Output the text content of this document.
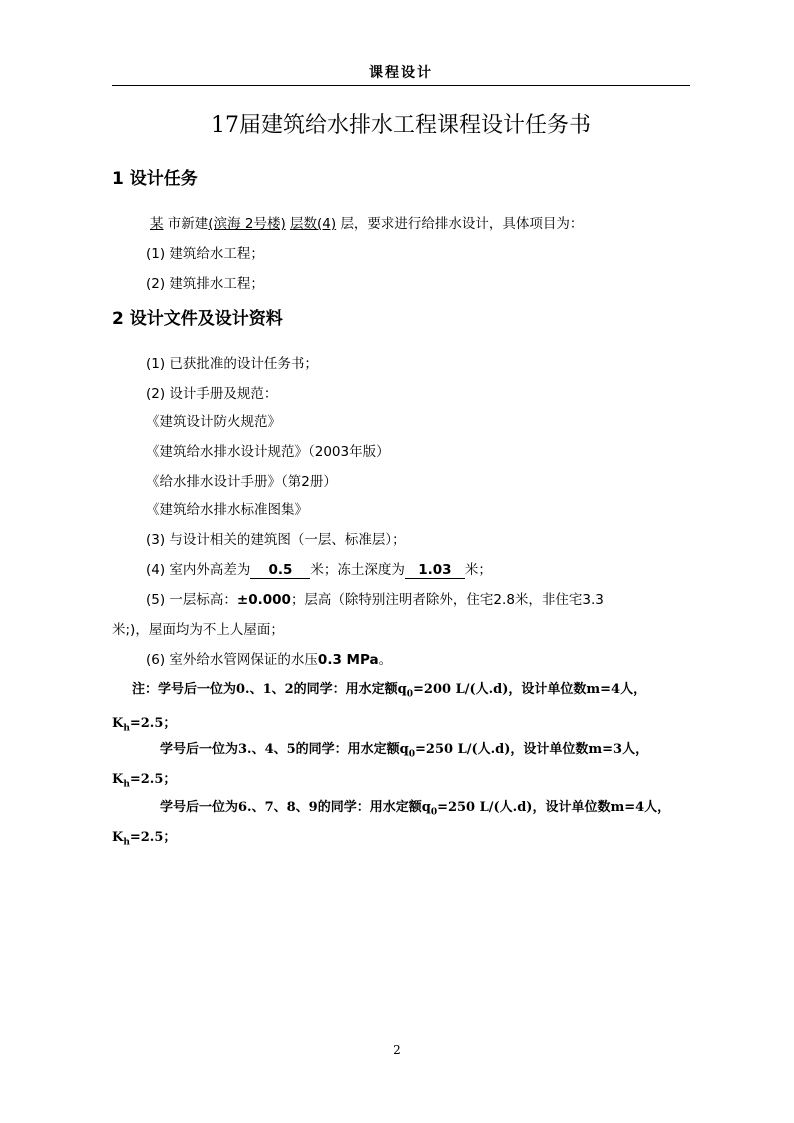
课程设计
17届建筑给水排水工程课程设计任务书
1 设计任务
某 市新建(滨海 2号楼) 层数(4) 层，要求进行给排水设计，具体项目为：
(1) 建筑给水工程；
(2) 建筑排水工程；
2 设计文件及设计资料
(1) 已获批准的设计任务书；
(2) 设计手册及规范：
《建筑设计防火规范》
《建筑给水排水设计规范》（2003年版）
《给水排水设计手册》（第2册）
《建筑给水排水标准图集》
(3) 与设计相关的建筑图（一层、标准层）；
(4) 室内外高差为 0.5 米；冻土深度为 1.03 米；
(5) 一层标高：±0.000；层高（除特别注明者除外，住宅2.8米，非住宅3.3
米;)，屋面均为不上人屋面；
(6) 室外给水管网保证的水压0.3 MPa。
注：学号后一位为0.、1、2的同学：用水定额$q_0=200$ L/(人.d)，设计单位数m=4人，
$K_h=2.5$；
学号后一位为3.、4、5的同学：用水定额$q_0=250$ L/(人.d)，设计单位数m=3人，
$K_h=2.5$；
学号后一位为6.、7、8、9的同学：用水定额$q_0=250$ L/(人.d)，设计单位数m=4人，
$K_h=2.5$；
2
